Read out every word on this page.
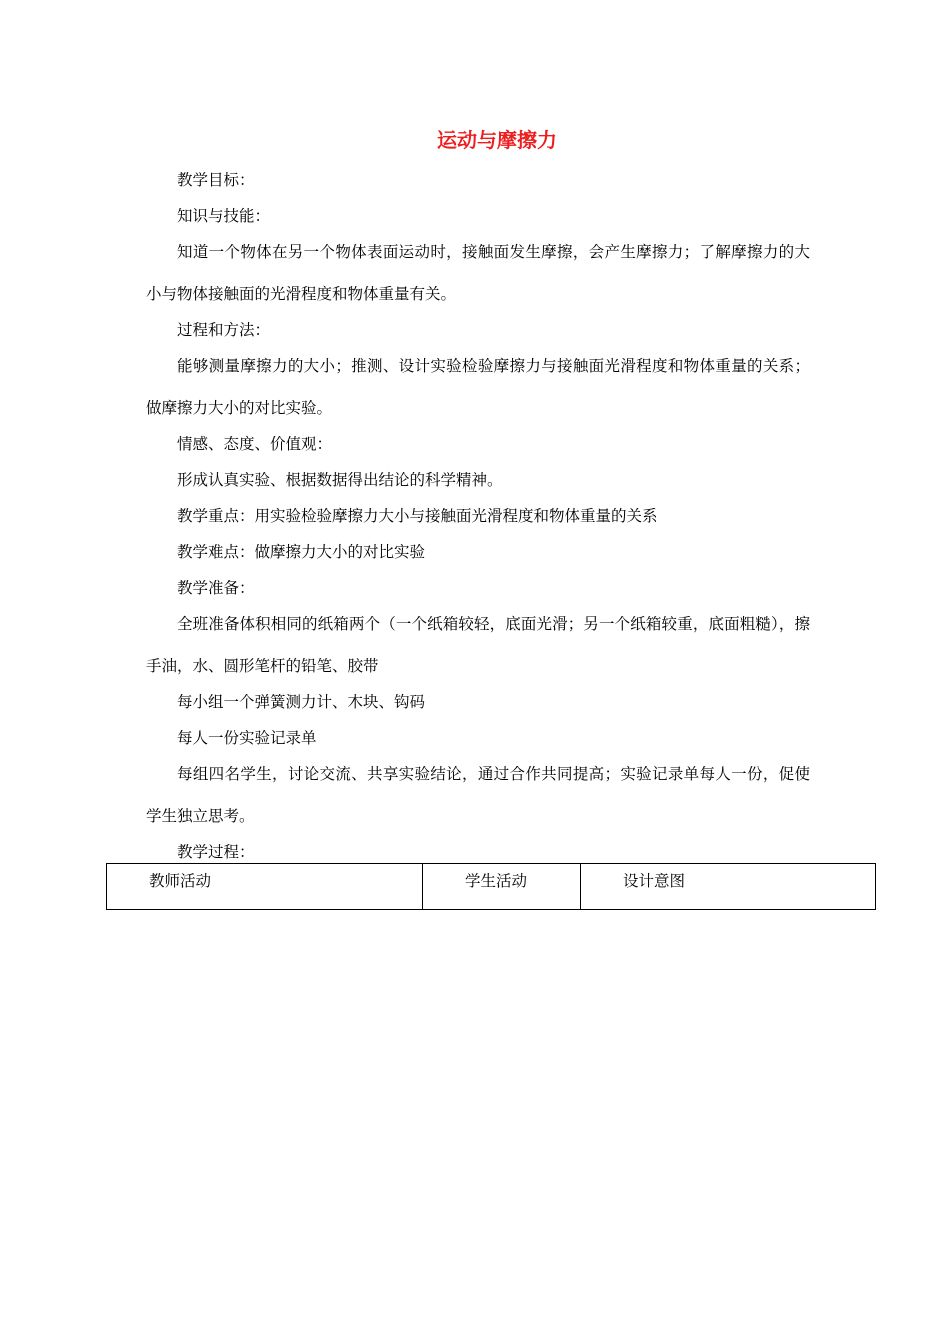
运动与摩擦力

教学目标：

知识与技能：

知道一个物体在另一个物体表面运动时，接触面发生摩擦，会产生摩擦力；了解摩擦力的大小与物体接触面的光滑程度和物体重量有关。

过程和方法：

能够测量摩擦力的大小；推测、设计实验检验摩擦力与接触面光滑程度和物体重量的关系；做摩擦力大小的对比实验。

情感、态度、价值观：

形成认真实验、根据数据得出结论的科学精神。

教学重点：用实验检验摩擦力大小与接触面光滑程度和物体重量的关系

教学难点：做摩擦力大小的对比实验

教学准备：

全班准备体积相同的纸箱两个（一个纸箱较轻，底面光滑；另一个纸箱较重，底面粗糙），擦手油，水、圆形笔杆的铅笔、胶带

每小组一个弹簧测力计、木块、钩码

每人一份实验记录单

每组四名学生，讨论交流、共享实验结论，通过合作共同提高；实验记录单每人一份，促使学生独立思考。

教学过程：

教师活动	学生活动	设计意图
